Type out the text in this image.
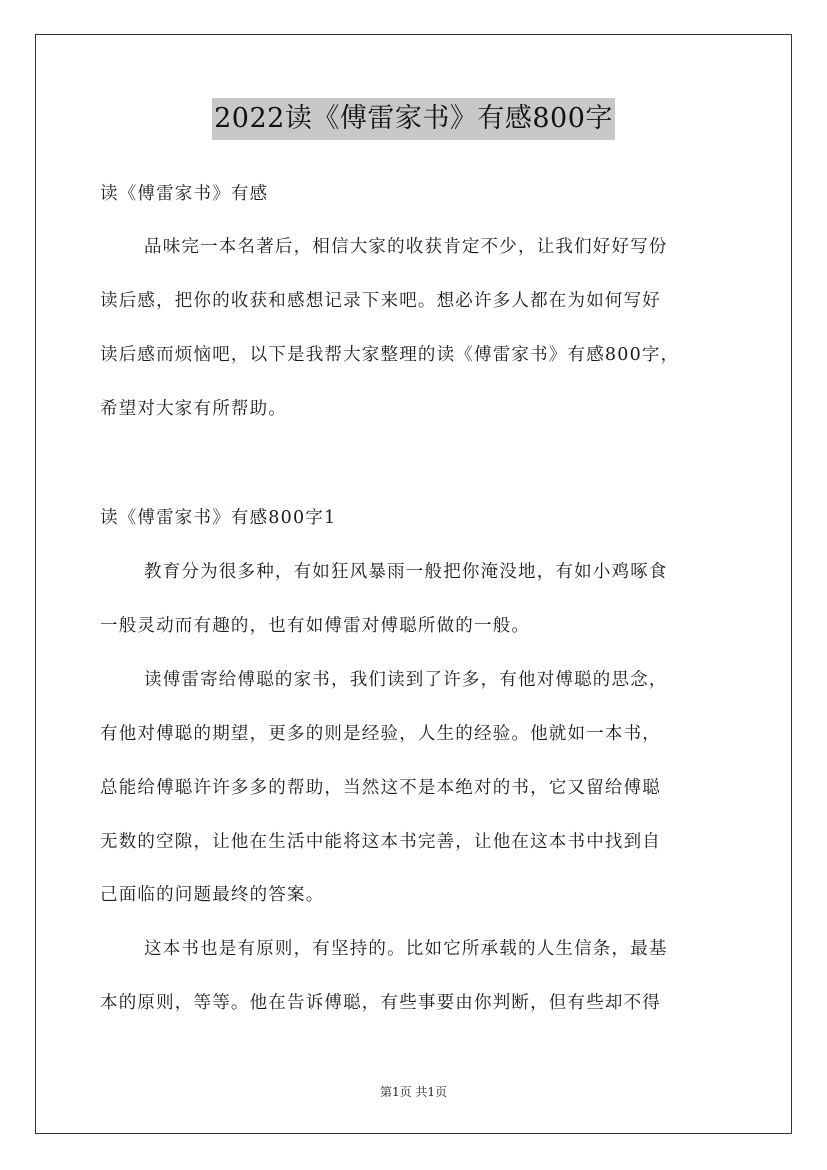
2022读《傅雷家书》有感800字
读《傅雷家书》有感
品味完一本名著后，相信大家的收获肯定不少，让我们好好写份
读后感，把你的收获和感想记录下来吧。想必许多人都在为如何写好
读后感而烦恼吧，以下是我帮大家整理的读《傅雷家书》有感800字，
希望对大家有所帮助。
读《傅雷家书》有感800字1
教育分为很多种，有如狂风暴雨一般把你淹没地，有如小鸡啄食
一般灵动而有趣的，也有如傅雷对傅聪所做的一般。
读傅雷寄给傅聪的家书，我们读到了许多，有他对傅聪的思念，
有他对傅聪的期望，更多的则是经验，人生的经验。他就如一本书，
总能给傅聪许许多多的帮助，当然这不是本绝对的书，它又留给傅聪
无数的空隙，让他在生活中能将这本书完善，让他在这本书中找到自
己面临的问题最终的答案。
这本书也是有原则，有坚持的。比如它所承载的人生信条，最基
本的原则，等等。他在告诉傅聪，有些事要由你判断，但有些却不得
第1页 共1页
